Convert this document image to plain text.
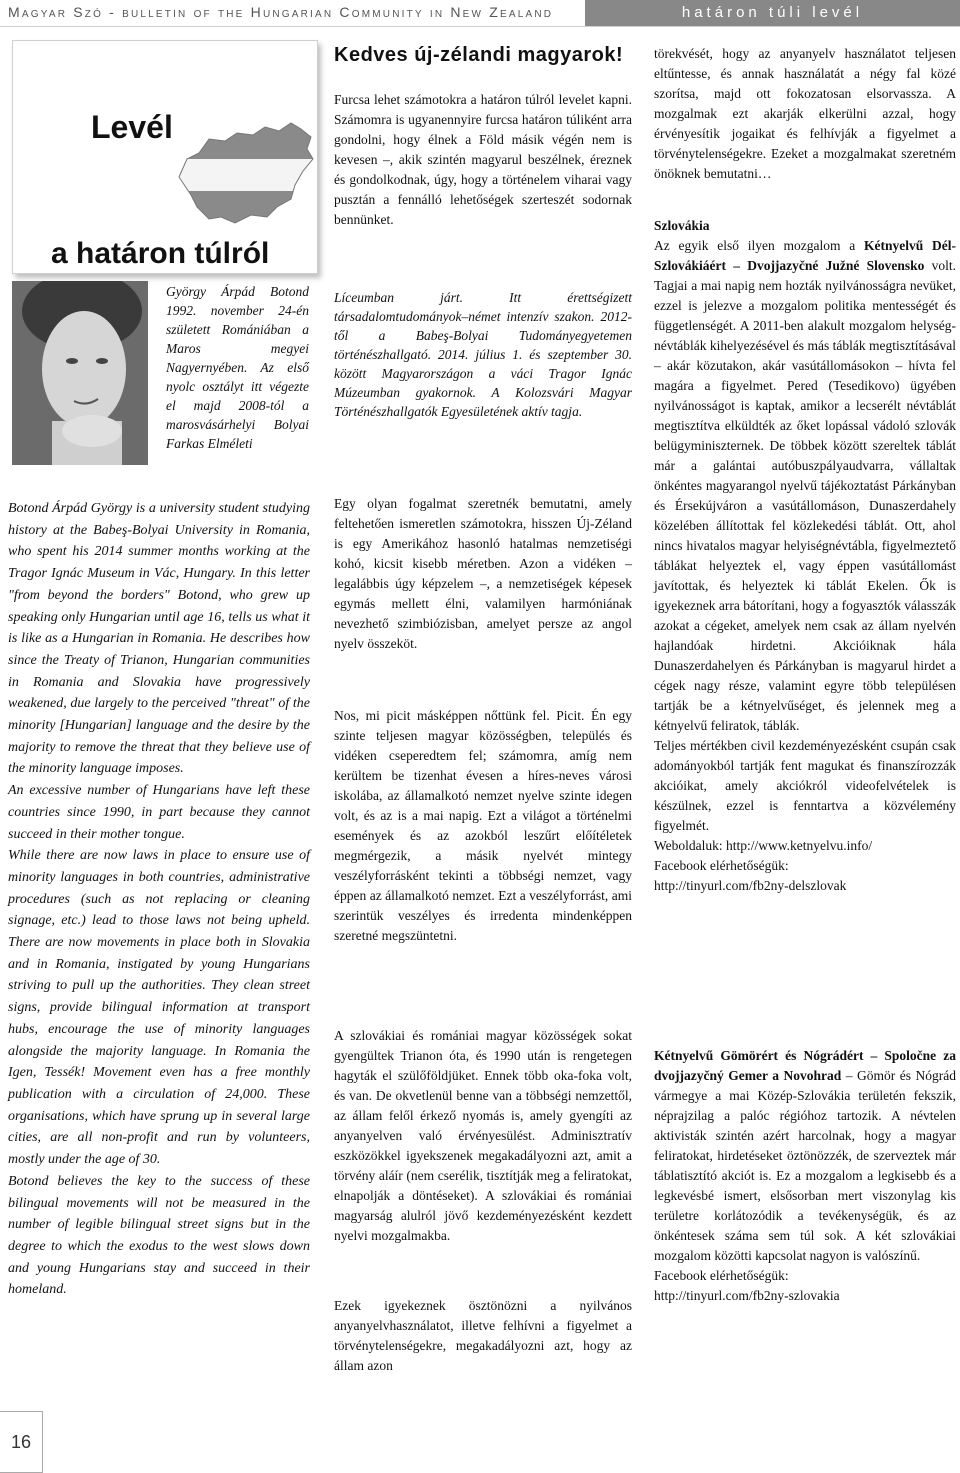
Magyar Szó - bulletin of the Hungarian Community in New Zealand	határon túli levél
Levél
a határon túlról
György Árpád Botond 1992. november 24-én született Romániában a Maros megyei Nagyernyében. Az első nyolc osztályt itt végezte el majd 2008-tól a marosvásárhelyi Bolyai Farkas Elméleti

Botond Árpád György is a university student studying history at the Babeş-Bolyai University in Romania, who spent his 2014 summer months working at the Tragor Ignác Museum in Vác, Hungary. In this letter "from beyond the borders" Botond, who grew up speaking only Hungarian until age 16, tells us what it is like as a Hungarian in Romania. He describes how since the Treaty of Trianon, Hungarian communities in Romania and Slovakia have progressively weakened, due largely to the perceived "threat" of the minority [Hungarian] language and the desire by the majority to remove the threat that they believe use of the minority language imposes.

An excessive number of Hungarians have left these countries since 1990, in part because they cannot succeed in their mother tongue.

While there are now laws in place to ensure use of minority languages in both countries, administrative procedures (such as not replacing or cleaning signage, etc.) lead to those laws not being upheld. There are now movements in place both in Slovakia and in Romania, instigated by young Hungarians striving to pull up the authorities. They clean street signs, provide bilingual information at transport hubs, encourage the use of minority languages alongside the majority language. In Romania the Igen, Tessék! Movement even has a free monthly publication with a circulation of 24,000. These organisations, which have sprung up in several large cities, are all non-profit and run by volunteers, mostly under the age of 30.

Botond believes the key to the success of these bilingual movements will not be measured in the number of legible bilingual street signs but in the degree to which the exodus to the west slows down and young Hungarians stay and succeed in their homeland.

Kedves új-zélandi magyarok!
Furcsa lehet számotokra a határon túlról levelet kapni. Számomra is ugyanennyire furcsa határon túliként arra gondolni, hogy élnek a Föld másik végén nem is kevesen –, akik szintén magyarul beszélnek, éreznek és gondolkodnak, úgy, hogy a történelem viharai vagy pusztán a fennálló lehetőségek szerteszét sodornak bennünket.
Líceumban járt. Itt érettségizett társadalomtudományok–német intenzív szakon. 2012-től a Babeş-Bolyai Tudományegyetemen történészhallgató. 2014. július 1. és szeptember 30. között Magyarországon a váci Tragor Ignác Múzeumban gyakornok. A Kolozsvári Magyar Történészhallgatók Egyesületének aktív tagja.
Egy olyan fogalmat szeretnék bemutatni, amely feltehetően ismeretlen számotokra, hisszen Új-Zéland is egy Amerikához hasonló hatalmas nemzetiségi kohó, kicsit kisebb méretben. Azon a vidéken – legalábbis úgy képzelem –, a nemzetiségek képesek egymás mellett élni, valamilyen harmóniának nevezhető szimbiózisban, amelyet persze az angol nyelv összeköt.
Nos, mi picit másképpen nőttünk fel. Picit. Én egy szinte teljesen magyar közösségben, település és vidéken cseperedtem fel; számomra, amíg nem kerültem be tizenhat évesen a híres-neves városi iskolába, az államalkotó nemzet nyelve szinte idegen volt, és az is a mai napig. Ezt a világot a történelmi események és az azokból leszűrt előítéletek megmérgezik, a másik nyelvét mintegy veszélyforrásként tekinti a többségi nemzet, vagy éppen az államalkotó nemzet. Ezt a veszélyforrást, ami szerintük veszélyes és irredenta mindenképpen szeretné megszüntetni.
A szlovákiai és romániai magyar közösségek sokat gyengültek Trianon óta, és 1990 után is rengetegen hagyták el szülőföldjüket. Ennek több oka-foka volt, és van. De okvetlenül benne van a többségi nemzettől, az állam felől érkező nyomás is, amely gyengíti az anyanyelven való érvényesülést. Adminisztratív eszközökkel igyekszenek megakadályozni azt, amit a törvény aláír (nem cserélik, tisztítják meg a feliratokat, elnapolják a döntéseket). A szlovákiai és romániai magyarság alulról jövő kezdeményezésként kezdett nyelvi mozgalmakba.
Ezek igyekeznek ösztönözni a nyilvános anyanyelvhasználatot, illetve felhívni a figyelmet a törvénytelenségekre, megakadályozni azt, hogy az állam azon
törekvését, hogy az anyanyelv használatot teljesen eltűntesse, és annak használatát a négy fal közé szorítsa, majd ott fokozatosan elsorvassza. A mozgalmak ezt akarják elkerülni azzal, hogy érvényesítik jogaikat és felhívják a figyelmet a törvénytelenségekre. Ezeket a mozgalmakat szeretném önöknek bemutatni…

Szlovákia

Az egyik első ilyen mozgalom a Kétnyelvű Dél-Szlovákiáért – Dvojjazyčné Južné Slovensko volt. Tagjai a mai napig nem hozták nyilvánosságra nevüket, ezzel is jelezve a mozgalom politika mentességét és függetlenségét. A 2011-ben alakult mozgalom helység-névtáblák kihelyezésével és más táblák megtisztításával – akár közutakon, akár vasútállomásokon – hívta fel magára a figyelmet. Pered (Tesedikovo) ügyében nyilvánosságot is kaptak, amikor a lecserélt névtáblát megtisztítva elküldték az őket lopással vádoló szlovák belügyminiszternek. De többek között szereltek táblát már a galántai autóbuszpályaudvarra, vállaltak önkéntes magyarangol nyelvű tájékoztatást Párkányban és Érsekújváron a vasútállomáson, Dunaszerdahely közelében állítottak fel közlekedési táblát. Ott, ahol nincs hivatalos magyar helyiségnévtábla, figyelmeztető táblákat helyeztek el, vagy éppen vasútállomást javítottak, és helyeztek ki táblát Ekelen. Ők is igyekeznek arra bátorítani, hogy a fogyasztók válasszák azokat a cégeket, amelyek nem csak az állam nyelvén hajlandóak hirdetni. Akcióiknak hála Dunaszerdahelyen és Párkányban is magyarul hirdet a cégek nagy része, valamint egyre több településen tartják be a kétnyelvűséget, és jelennek meg a kétnyelvű feliratok, táblák.

Teljes mértékben civil kezdeményezésként csupán csak adományokból tartják fent magukat és finanszírozzák akcióikat, amely akciókról videofelvételek is készülnek, ezzel is fenntartva a közvélemény figyelmét.

Weboldaluk: http://www.ketnyelvu.info/

Facebook elérhetőségük:

http://tinyurl.com/fb2ny-delszlovak

Kétnyelvű Gömörért és Nógrádért – Spoločne za dvojjazyčný Gemer a Novohrad – Gömör és Nógrád vármegye a mai Közép-Szlovákia területén fekszik, néprajzilag a palóc régióhoz tartozik. A névtelen aktivisták szintén azért harcolnak, hogy a magyar feliratokat, hirdetéseket öztönözzék, de szerveztek már táblatisztító akciót is. Ez a mozgalom a legkisebb és a legkevésbé ismert, elsősorban mert viszonylag kis területre korlátozódik a tevékenységük, és az önkéntesek száma sem túl sok. A két szlovákiai mozgalom közötti kapcsolat nagyon is valószínű.

Facebook elérhetőségük:

http://tinyurl.com/fb2ny-szlovakia

16
